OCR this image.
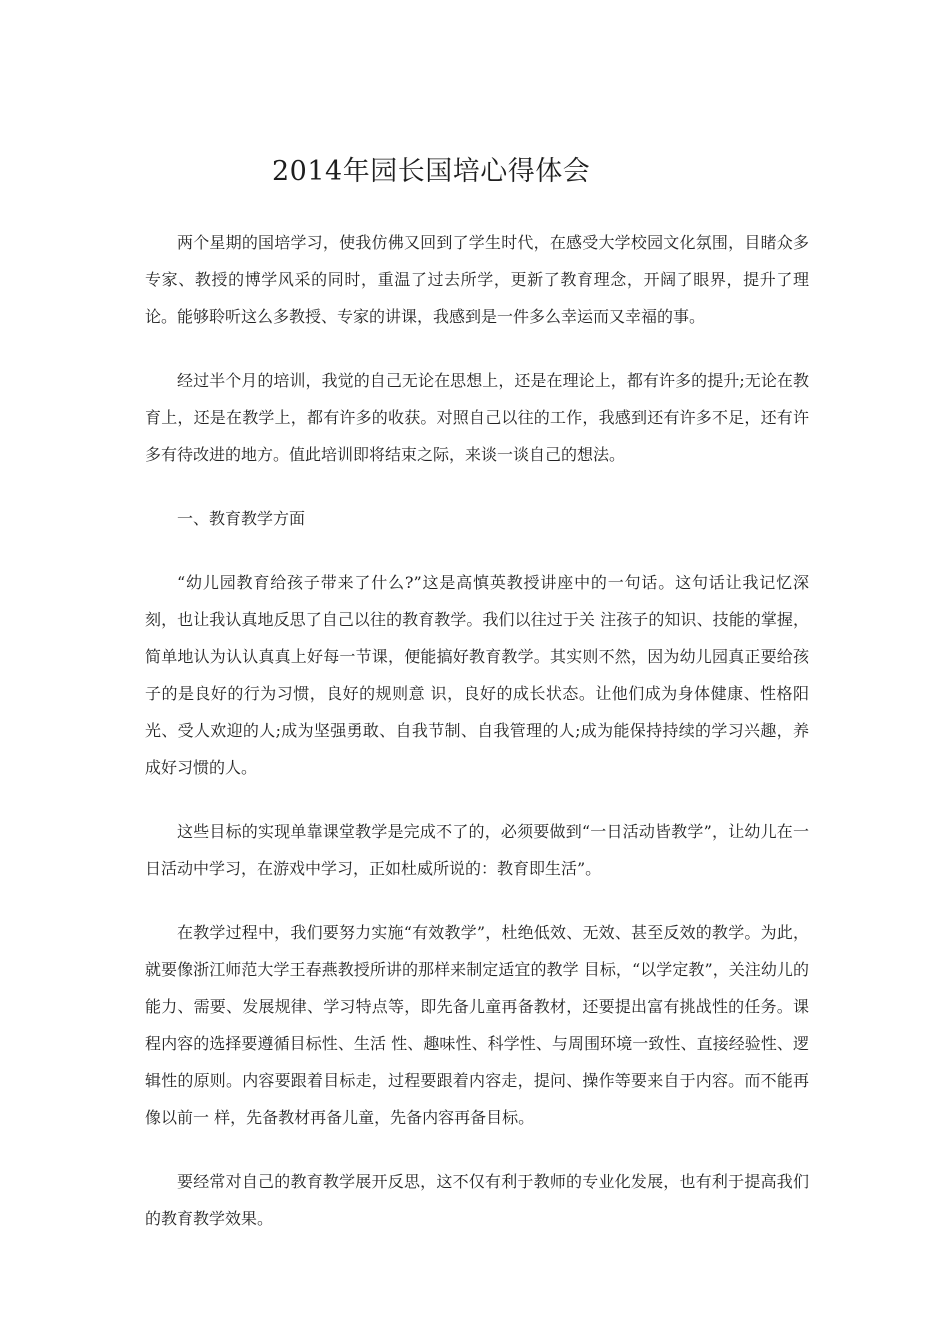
2014年园长国培心得体会

两个星期的国培学习，使我仿佛又回到了学生时代，在感受大学校园文化氛围，目睹众多专家、教授的博学风采的同时，重温了过去所学，更新了教育理念，开阔了眼界，提升了理论。能够聆听这么多教授、专家的讲课，我感到是一件多么幸运而又幸福的事。

经过半个月的培训，我觉的自己无论在思想上，还是在理论上，都有许多的提升;无论在教育上，还是在教学上，都有许多的收获。对照自己以往的工作，我感到还有许多不足，还有许多有待改进的地方。值此培训即将结束之际，来谈一谈自己的想法。

一、教育教学方面

“幼儿园教育给孩子带来了什么?”这是高慎英教授讲座中的一句话。这句话让我记忆深刻，也让我认真地反思了自己以往的教育教学。我们以往过于关 注孩子的知识、技能的掌握，简单地认为认认真真上好每一节课，便能搞好教育教学。其实则不然，因为幼儿园真正要给孩子的是良好的行为习惯，良好的规则意 识，良好的成长状态。让他们成为身体健康、性格阳光、受人欢迎的人;成为坚强勇敢、自我节制、自我管理的人;成为能保持持续的学习兴趣，养成好习惯的人。

这些目标的实现单靠课堂教学是完成不了的，必须要做到“一日活动皆教学”，让幼儿在一日活动中学习，在游戏中学习，正如杜威所说的：教育即生活”。

在教学过程中，我们要努力实施“有效教学”，杜绝低效、无效、甚至反效的教学。为此，就要像浙江师范大学王春燕教授所讲的那样来制定适宜的教学 目标，“以学定教”，关注幼儿的能力、需要、发展规律、学习特点等，即先备儿童再备教材，还要提出富有挑战性的任务。课程内容的选择要遵循目标性、生活 性、趣味性、科学性、与周围环境一致性、直接经验性、逻辑性的原则。内容要跟着目标走，过程要跟着内容走，提问、操作等要来自于内容。而不能再像以前一 样，先备教材再备儿童，先备内容再备目标。

要经常对自己的教育教学展开反思，这不仅有利于教师的专业化发展，也有利于提高我们的教育教学效果。
